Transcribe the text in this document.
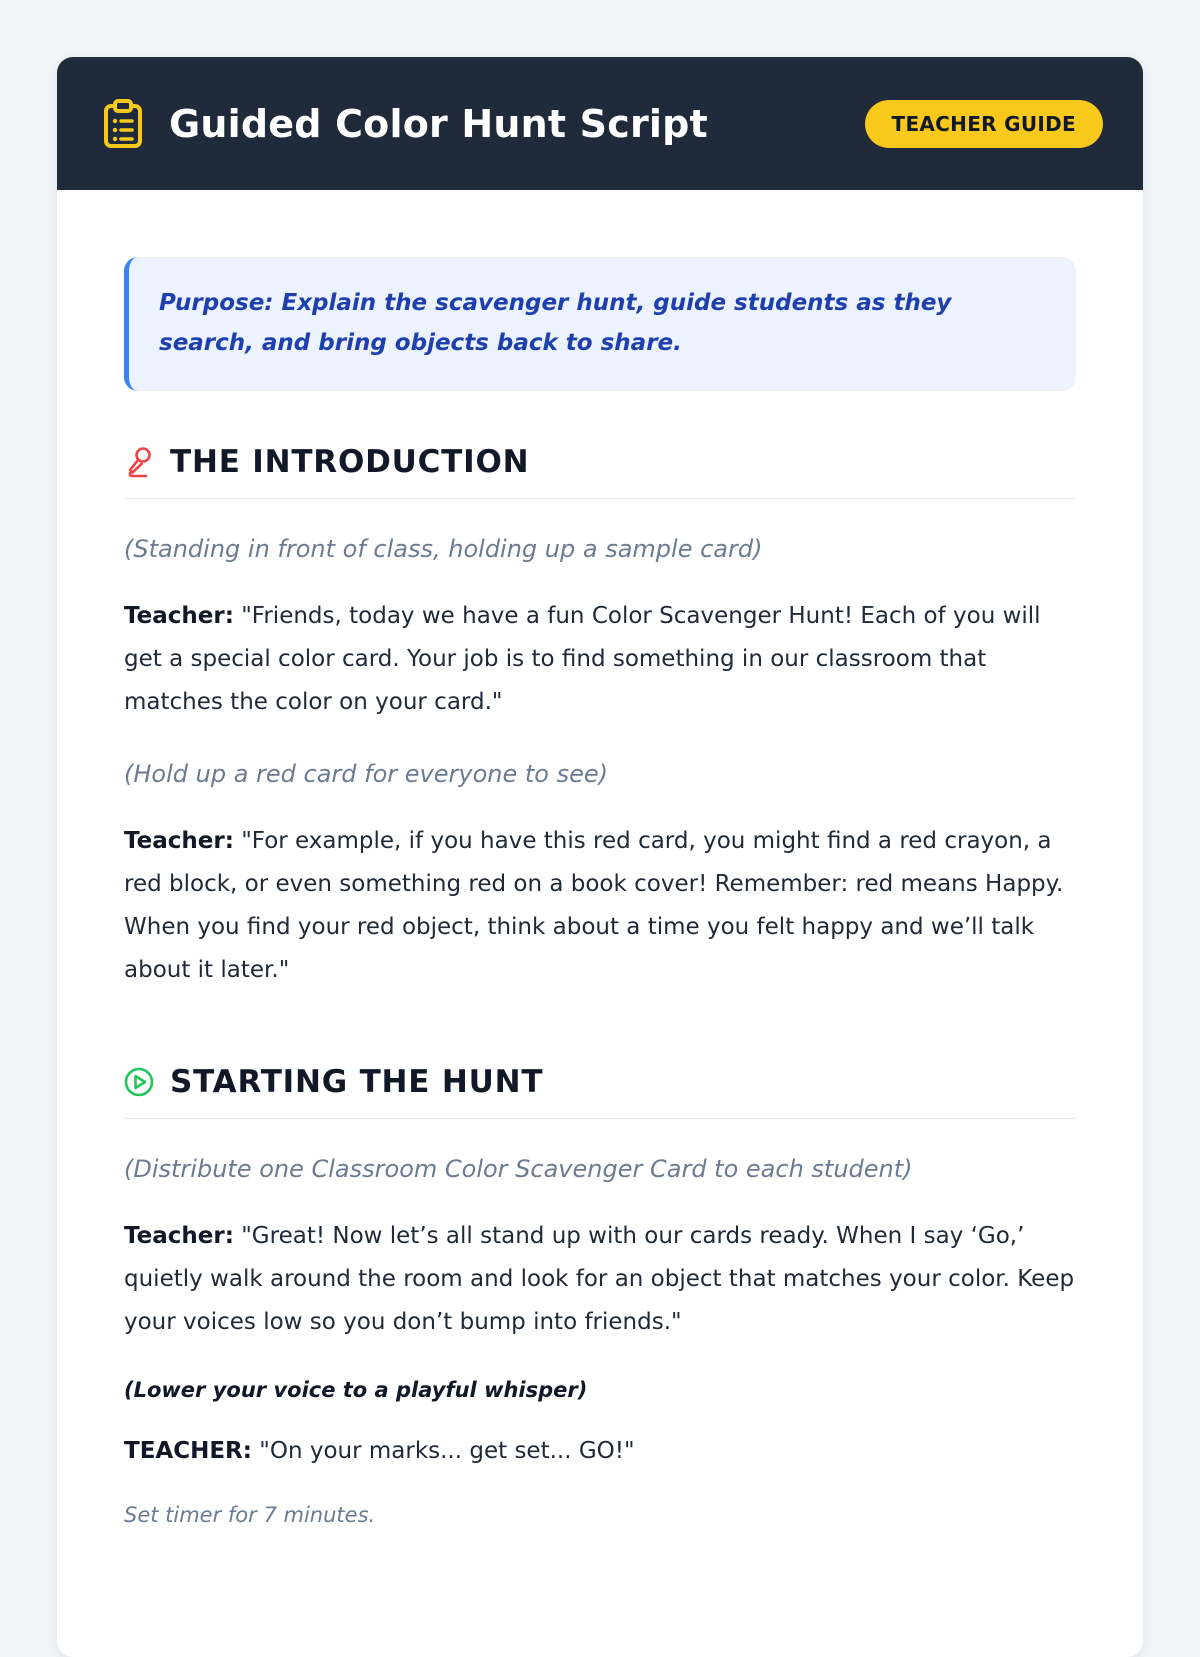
Guided Color Hunt Script	TEACHER GUIDE
Purpose: Explain the scavenger hunt, guide students as they search, and bring objects back to share.
THE INTRODUCTION
(Standing in front of class, holding up a sample card)
Teacher: "Friends, today we have a fun Color Scavenger Hunt! Each of you will get a special color card. Your job is to find something in our classroom that matches the color on your card."
(Hold up a red card for everyone to see)
Teacher: "For example, if you have this red card, you might find a red crayon, a red block, or even something red on a book cover! Remember: red means Happy. When you find your red object, think about a time you felt happy and we’ll talk about it later."
STARTING THE HUNT
(Distribute one Classroom Color Scavenger Card to each student)
Teacher: "Great! Now let’s all stand up with our cards ready. When I say ‘Go,’ quietly walk around the room and look for an object that matches your color. Keep your voices low so you don’t bump into friends."
(Lower your voice to a playful whisper)
TEACHER: "On your marks... get set... GO!"
Set timer for 7 minutes.
